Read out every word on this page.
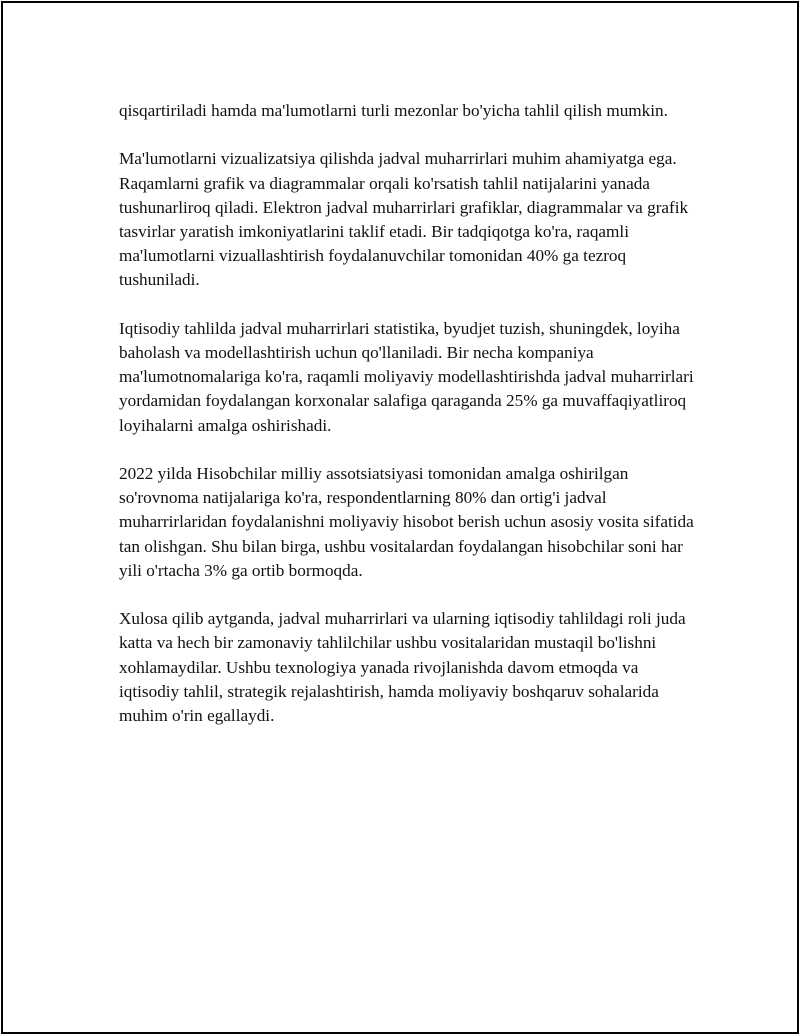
qisqartiriladi hamda ma'lumotlarni turli mezonlar bo'yicha tahlil qilish mumkin.

Ma'lumotlarni vizualizatsiya qilishda jadval muharrirlari muhim ahamiyatga ega. Raqamlarni grafik va diagrammalar orqali ko'rsatish tahlil natijalarini yanada tushunarliroq qiladi. Elektron jadval muharrirlari grafiklar, diagrammalar va grafik tasvirlar yaratish imkoniyatlarini taklif etadi. Bir tadqiqotga ko'ra, raqamli ma'lumotlarni vizuallashtirish foydalanuvchilar tomonidan 40% ga tezroq tushuniladi.

Iqtisodiy tahlilda jadval muharrirlari statistika, byudjet tuzish, shuningdek, loyiha baholash va modellashtirish uchun qo'llaniladi. Bir necha kompaniya ma'lumotnomalariga ko'ra, raqamli moliyaviy modellashtirishda jadval muharrirlari yordamidan foydalangan korxonalar salafiga qaraganda 25% ga muvaffaqiyatliroq loyihalarni amalga oshirishadi.

2022 yilda Hisobchilar milliy assotsiatsiyasi tomonidan amalga oshirilgan so'rovnoma natijalariga ko'ra, respondentlarning 80% dan ortig'i jadval muharrirlaridan foydalanishni moliyaviy hisobot berish uchun asosiy vosita sifatida tan olishgan. Shu bilan birga, ushbu vositalardan foydalangan hisobchilar soni har yili o'rtacha 3% ga ortib bormoqda.

Xulosa qilib aytganda, jadval muharrirlari va ularning iqtisodiy tahlildagi roli juda katta va hech bir zamonaviy tahlilchilar ushbu vositalaridan mustaqil bo'lishni xohlamaydilar. Ushbu texnologiya yanada rivojlanishda davom etmoqda va iqtisodiy tahlil, strategik rejalashtirish, hamda moliyaviy boshqaruv sohalarida muhim o'rin egallaydi.
